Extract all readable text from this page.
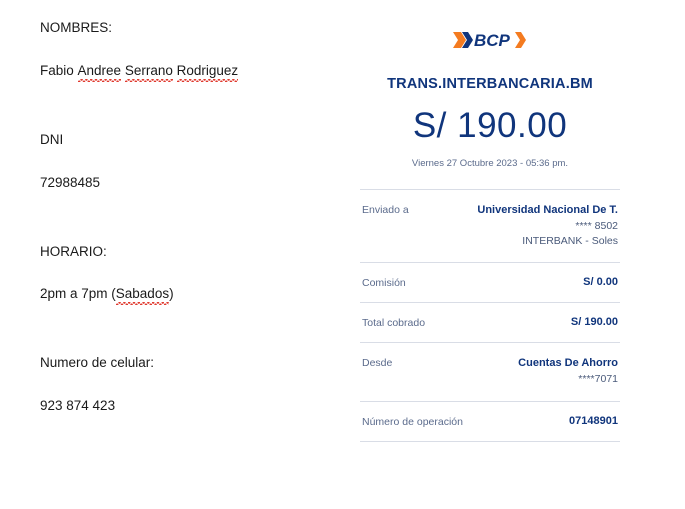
NOMBRES:
Fabio Andree Serrano Rodriguez
DNI
72988485
HORARIO:
2pm a 7pm (Sabados)
Numero de celular:
923 874 423
BCP
TRANS.INTERBANCARIA.BM
S/ 190.00
Viernes 27 Octubre 2023 - 05:36 pm.
Enviado a	Universidad Nacional De T.
**** 8502
INTERBANK - Soles
Comisión	S/ 0.00
Total cobrado	S/ 190.00
Desde	Cuentas De Ahorro
****7071
Número de operación	07148901
